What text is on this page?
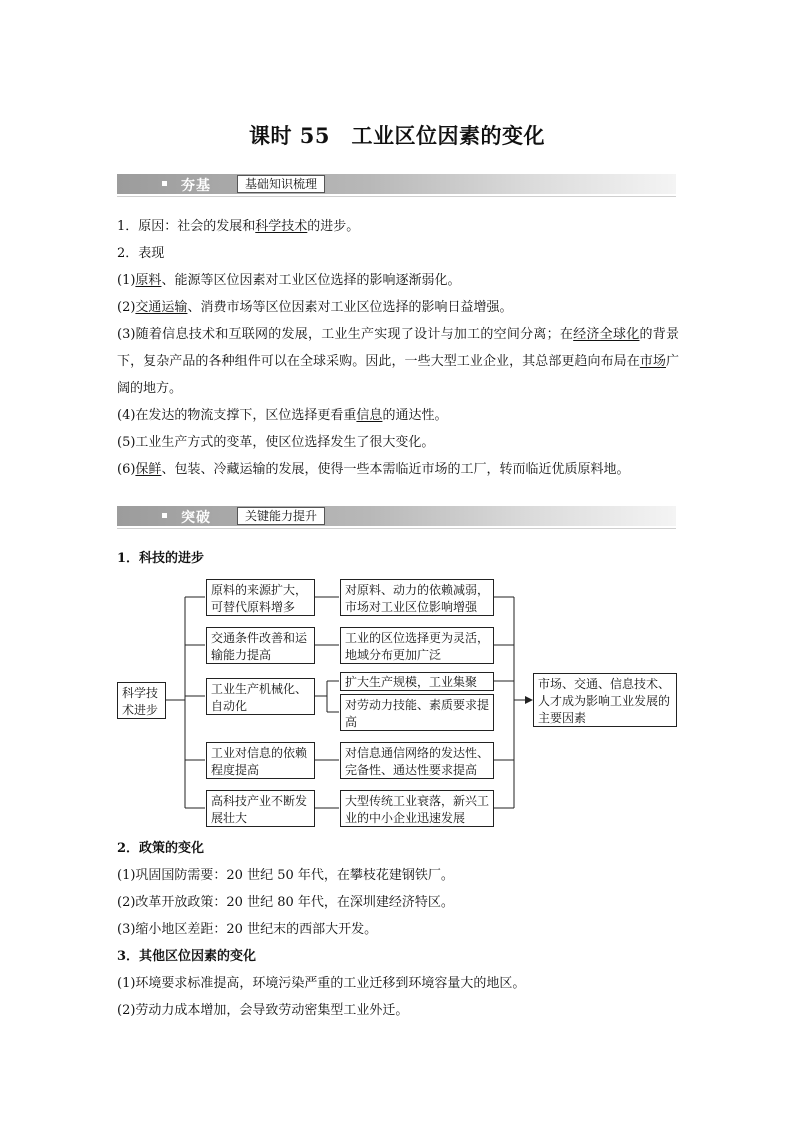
课时 55　工业区位因素的变化
夯基	基础知识梳理
1．原因：社会的发展和科学技术的进步。
2．表现
(1)原料、能源等区位因素对工业区位选择的影响逐渐弱化。
(2)交通运输、消费市场等区位因素对工业区位选择的影响日益增强。
(3)随着信息技术和互联网的发展，工业生产实现了设计与加工的空间分离；在经济全球化的背景下，复杂产品的各种组件可以在全球采购。因此，一些大型工业企业，其总部更趋向布局在市场广阔的地方。
(4)在发达的物流支撑下，区位选择更看重信息的通达性。
(5)工业生产方式的变革，使区位选择发生了很大变化。
(6)保鲜、包装、冷藏运输的发展，使得一些本需临近市场的工厂，转而临近优质原料地。
突破	关键能力提升
1．科技的进步
科学技术进步
原料的来源扩大，可替代原料增多
交通条件改善和运输能力提高
工业生产机械化、自动化
工业对信息的依赖程度提高
高科技产业不断发展壮大
对原料、动力的依赖减弱，市场对工业区位影响增强
工业的区位选择更为灵活，地域分布更加广泛
扩大生产规模，工业集聚
对劳动力技能、素质要求提高
对信息通信网络的发达性、完备性、通达性要求提高
大型传统工业衰落，新兴工业的中小企业迅速发展
市场、交通、信息技术、人才成为影响工业发展的主要因素
2．政策的变化
(1)巩固国防需要：20 世纪 50 年代，在攀枝花建钢铁厂。
(2)改革开放政策：20 世纪 80 年代，在深圳建经济特区。
(3)缩小地区差距：20 世纪末的西部大开发。
3．其他区位因素的变化
(1)环境要求标准提高，环境污染严重的工业迁移到环境容量大的地区。
(2)劳动力成本增加，会导致劳动密集型工业外迁。
